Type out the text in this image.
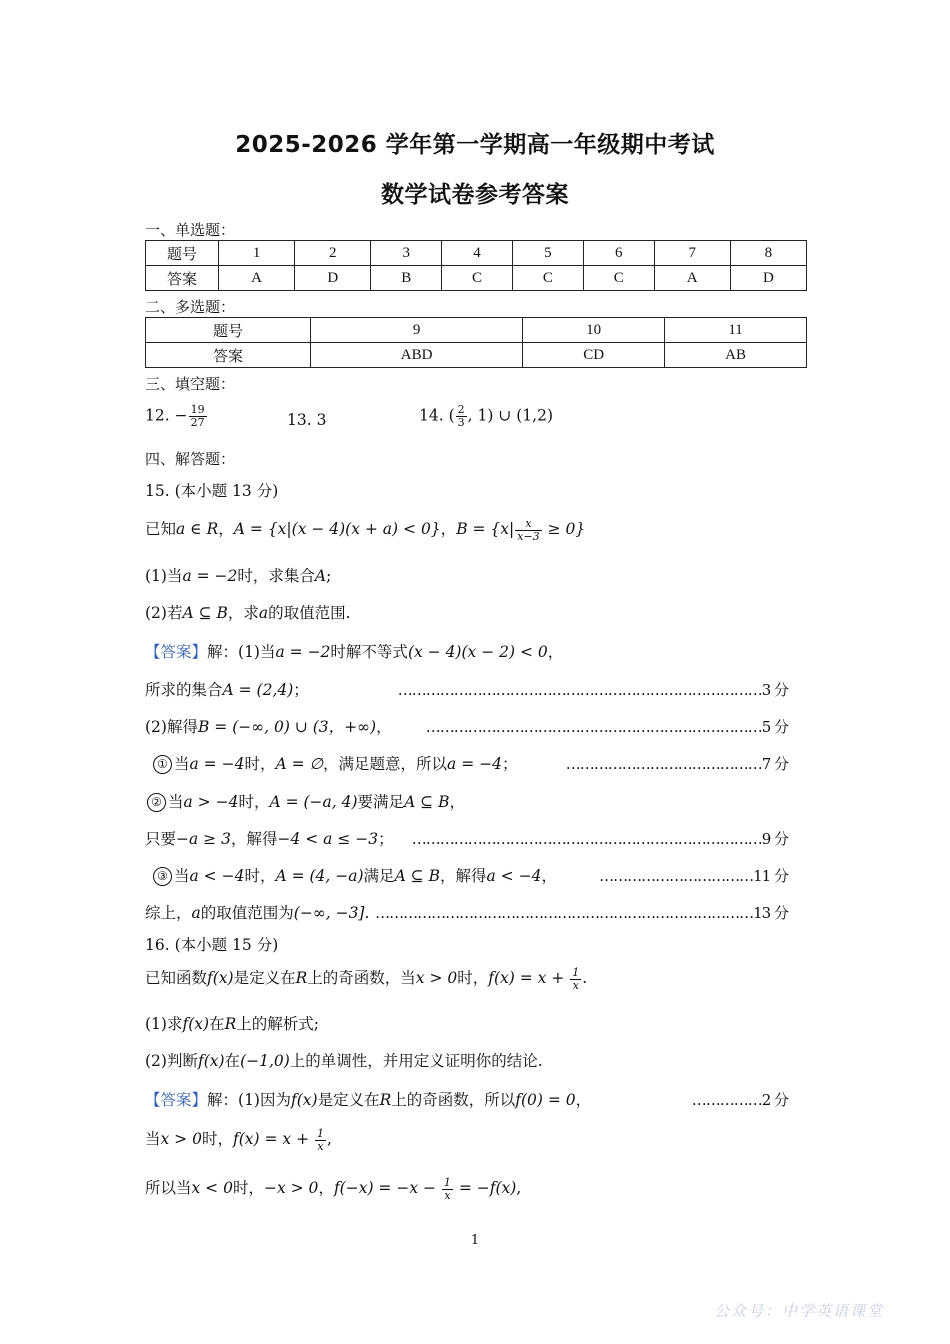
2025-2026 学年第一学期高一年级期中考试
数学试卷参考答案
一、单选题：
题号	1	2	3	4	5	6	7	8
答案	A	D	B	C	C	C	A	D
二、多选题：
题号	9	10	11
答案	ABD	CD	AB
三、填空题：
12. − $\frac{19}{27}$	13. 3	14. ( $\frac{2}{3}$ , 1) ∪ (1,2)
四、解答题：
15. (本小题 13 分)
已知a ∈ R，A = {x|(x − 4)(x + a) < 0}，$B = \{x| \frac{x}{x-3} \ge 0\}$
(1)当a = −2时，求集合A;
(2)若A ⊆ B，求a的取值范围.
【答案】解：(1)当a = −2时解不等式(x − 4)(x − 2) < 0，
所求的集合A = (2,4)；	……………………………………………………………………3 分
(2)解得B = (−∞, 0) ∪ (3，+∞)， ………………………………………………………………5 分
① 当a = −4时，A = ∅，满足题意，所以a = −4；	……………………………………7 分
② 当a > −4时，A = (−a, 4)要满足A ⊆ B，
只要−a ≥ 3，解得−4 < a ≤ −3； …………………………………………………………………9 分
③ 当a < −4时，A = (4, −a)满足A ⊆ B，解得a < −4，	……………………………11 分
综上，a的取值范围为(−∞, −3]. ………………………………………………………………………13 分
16. (本小题 15 分)
已知函数f(x)是定义在R上的奇函数，当x > 0时，$f(x) = x + \frac{1}{x}$ .
(1)求f(x)在R上的解析式;
(2)判断f(x)在(−1,0)上的单调性，并用定义证明你的结论.
【答案】解：(1)因为f(x)是定义在R上的奇函数，所以f(0) = 0，	……………2 分
当x > 0时，$f(x) = x + \frac{1}{x}$ ,
所以当x < 0时，−x > 0，$f(-x) = -x - \frac{1}{x} = -f(x)$,
1
公众号：中学英语课堂
